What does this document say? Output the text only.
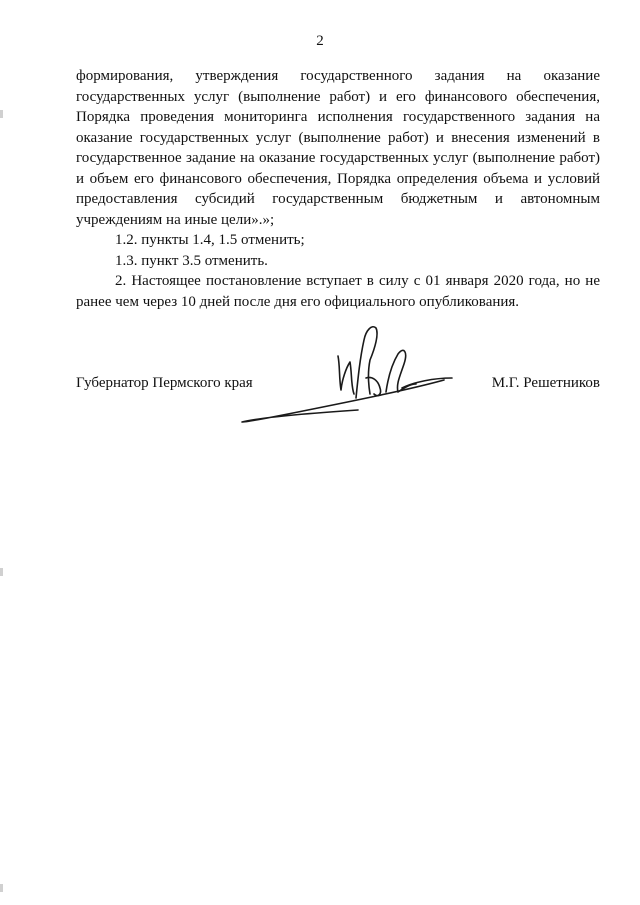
2

формирования, утверждения государственного задания на оказание государственных услуг (выполнение работ) и его финансового обеспечения, Порядка проведения мониторинга исполнения государственного задания на оказание государственных услуг (выполнение работ) и внесения изменений в государственное задание на оказание государственных услуг (выполнение работ) и объем его финансового обеспечения, Порядка определения объема и условий предоставления субсидий государственным бюджетным и автономным учреждениям на иные цели».»;

1.2. пункты 1.4, 1.5 отменить;

1.3. пункт 3.5 отменить.

2. Настоящее постановление вступает в силу с 01 января 2020 года, но не ранее чем через 10 дней после дня его официального опубликования.

Губернатор Пермского края	М.Г. Решетников
